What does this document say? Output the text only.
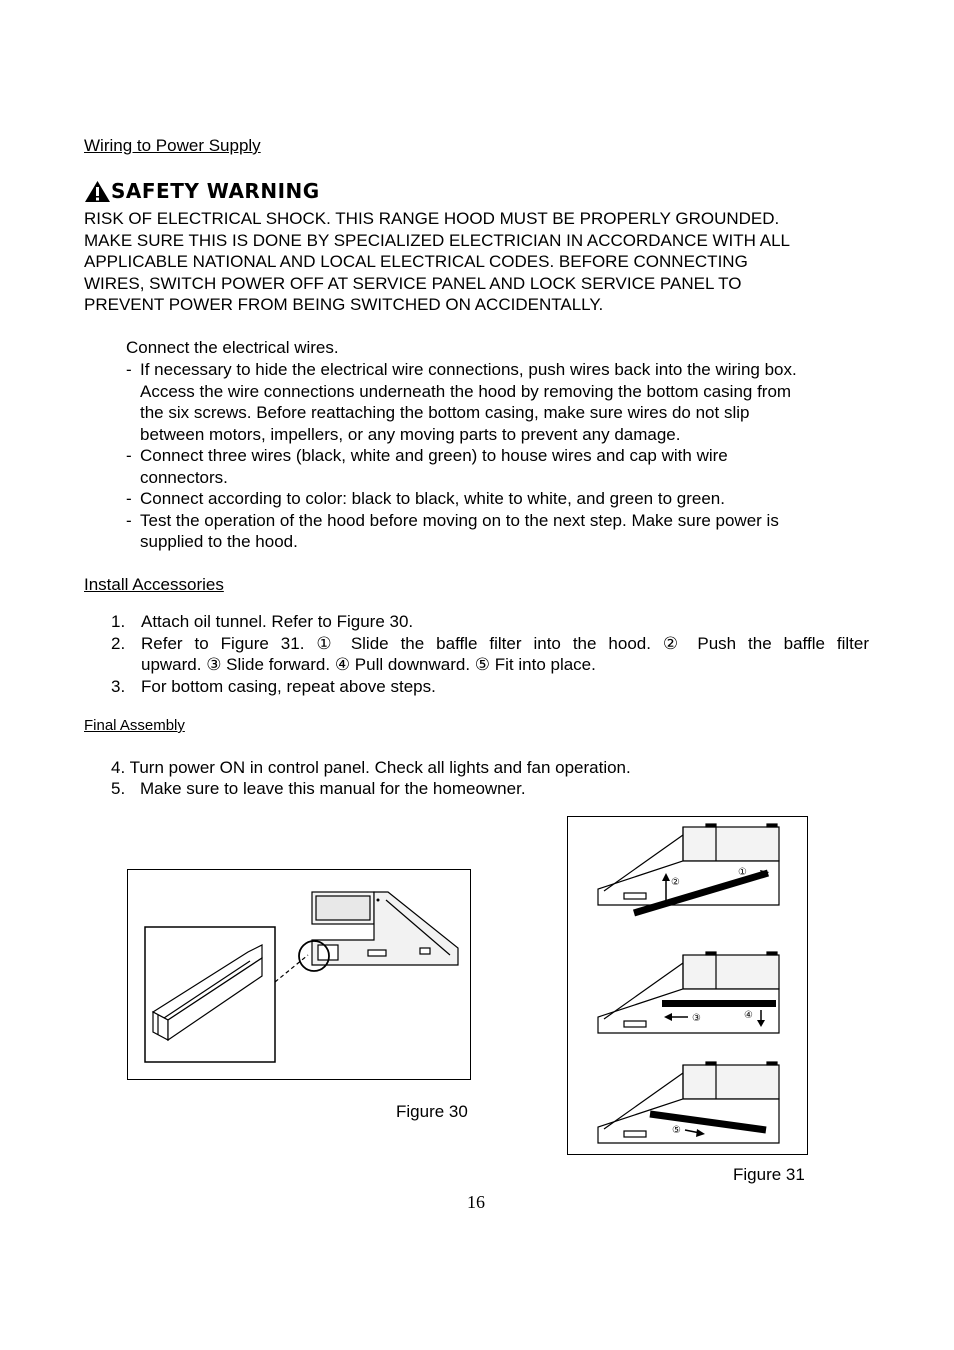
Wiring to Power Supply
SAFETY WARNING
RISK OF ELECTRICAL SHOCK. THIS RANGE HOOD MUST BE PROPERLY GROUNDED.
MAKE SURE THIS IS DONE BY SPECIALIZED ELECTRICIAN IN ACCORDANCE WITH ALL
APPLICABLE NATIONAL AND LOCAL ELECTRICAL CODES. BEFORE CONNECTING
WIRES, SWITCH POWER OFF AT SERVICE PANEL AND LOCK SERVICE PANEL TO
PREVENT POWER FROM BEING SWITCHED ON ACCIDENTALLY.
Connect the electrical wires.
- If necessary to hide the electrical wire connections, push wires back into the wiring box.
Access the wire connections underneath the hood by removing the bottom casing from
the six screws. Before reattaching the bottom casing, make sure wires do not slip
between motors, impellers, or any moving parts to prevent any damage.
- Connect three wires (black, white and green) to house wires and cap with wire
connectors.
- Connect according to color: black to black, white to white, and green to green.
- Test the operation of the hood before moving on to the next step. Make sure power is
supplied to the hood.
Install Accessories
1. Attach oil tunnel. Refer to Figure 30.
2. Refer to Figure 31. ① Slide the baffle filter into the hood. ② Push the baffle filter
upward. ③ Slide forward. ④ Pull downward. ⑤ Fit into place.
3. For bottom casing, repeat above steps.
Final Assembly
4. Turn power ON in control panel. Check all lights and fan operation.
5. Make sure to leave this manual for the homeowner.
Figure 30
②
①
③	④
⑤
Figure 31
16
